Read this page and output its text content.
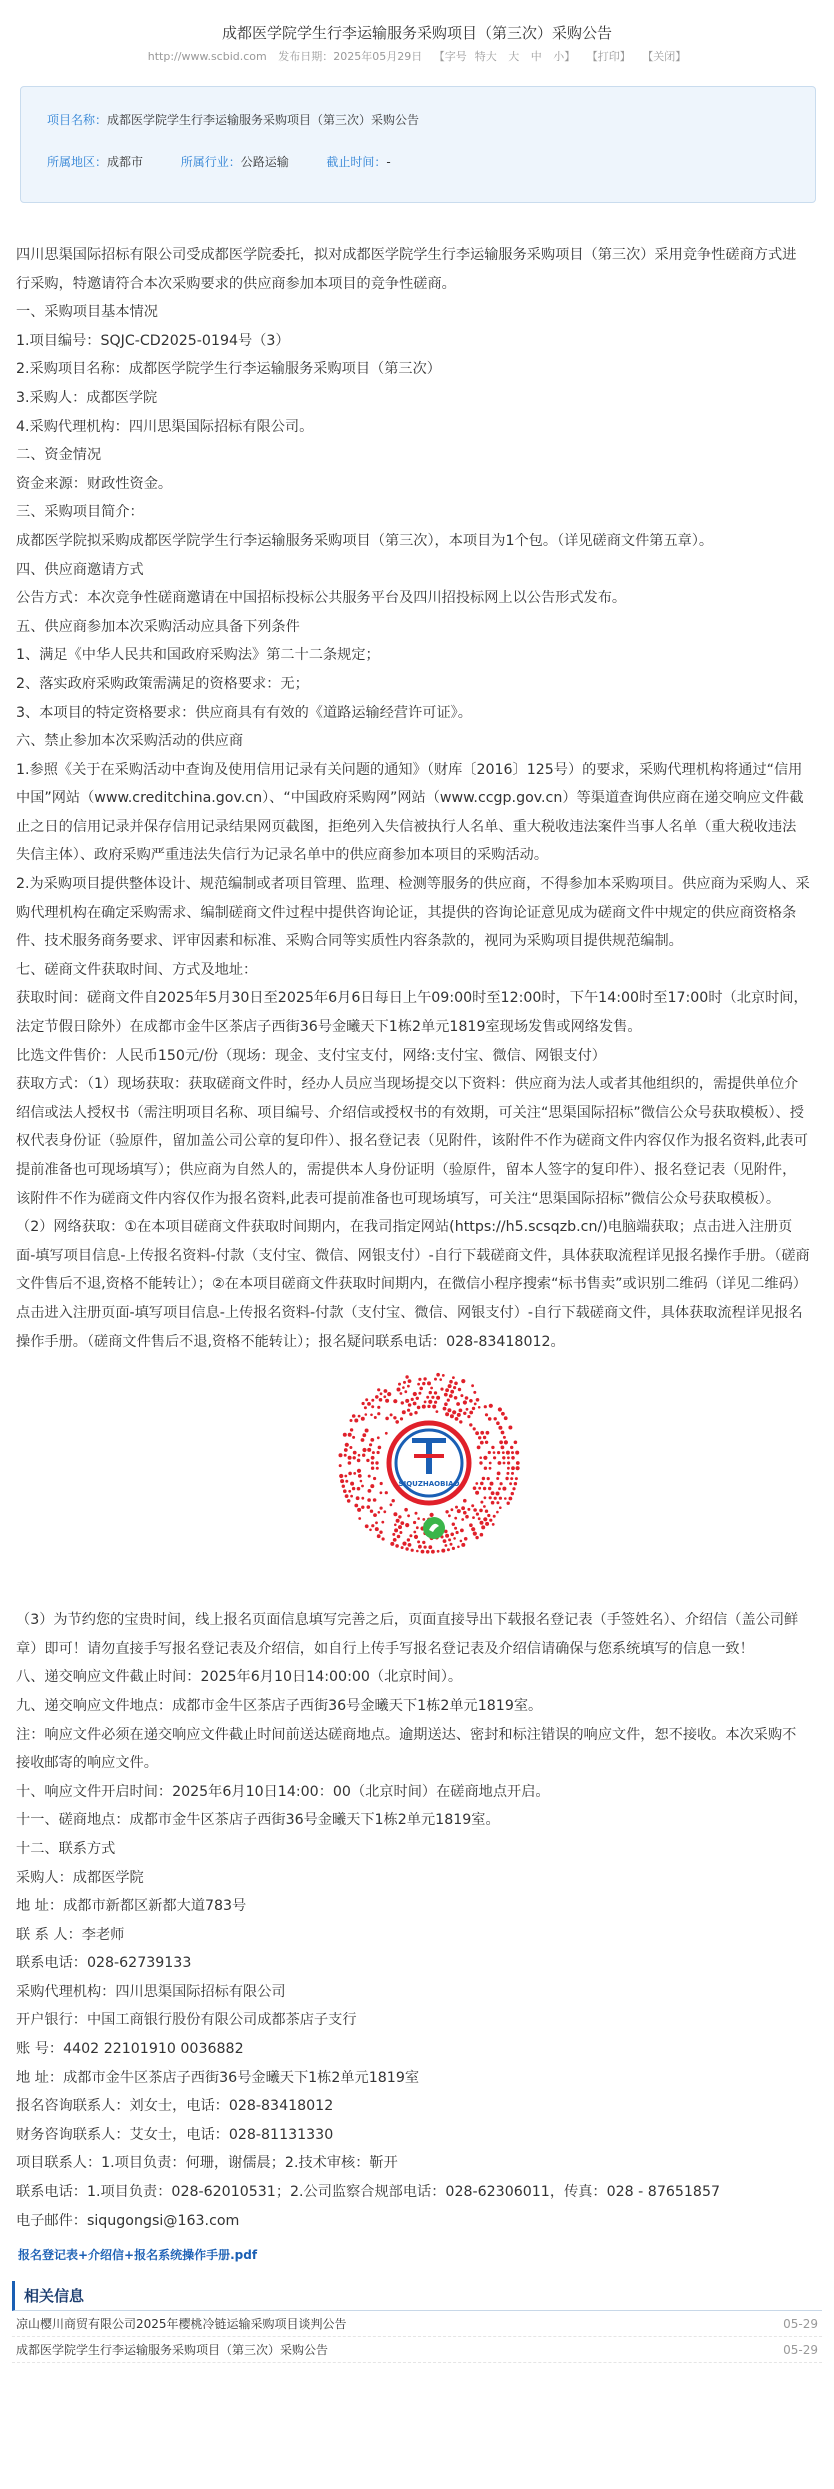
成都医学院学生行李运输服务采购项目（第三次）采购公告
http://www.scbid.com 发布日期：2025年05月29日 【字号 特大 大 中 小】 【打印】 【关闭】
项目名称：成都医学院学生行李运输服务采购项目（第三次）采购公告
所属地区：成都市	所属行业：公路运输	截止时间：-

四川思渠国际招标有限公司受成都医学院委托，拟对成都医学院学生行李运输服务采购项目（第三次）采用竞争性磋商方式进行采购，特邀请符合本次采购要求的供应商参加本项目的竞争性磋商。

一、采购项目基本情况

1.项目编号：SQJC-CD2025-0194号（3）

2.采购项目名称：成都医学院学生行李运输服务采购项目（第三次）

3.采购人：成都医学院

4.采购代理机构：四川思渠国际招标有限公司。

二、资金情况

资金来源：财政性资金。

三、采购项目简介：

成都医学院拟采购成都医学院学生行李运输服务采购项目（第三次），本项目为1个包。（详见磋商文件第五章）。

四、供应商邀请方式

公告方式：本次竞争性磋商邀请在中国招标投标公共服务平台及四川招投标网上以公告形式发布。

五、供应商参加本次采购活动应具备下列条件

1、满足《中华人民共和国政府采购法》第二十二条规定；

2、落实政府采购政策需满足的资格要求：无；

3、本项目的特定资格要求：供应商具有有效的《道路运输经营许可证》。

六、禁止参加本次采购活动的供应商

1.参照《关于在采购活动中查询及使用信用记录有关问题的通知》（财库〔2016〕125号）的要求，采购代理机构将通过“信用中国”网站（www.creditchina.gov.cn）、“中国政府采购网”网站（www.ccgp.gov.cn）等渠道查询供应商在递交响应文件截止之日的信用记录并保存信用记录结果网页截图，拒绝列入失信被执行人名单、重大税收违法案件当事人名单（重大税收违法失信主体）、政府采购严重违法失信行为记录名单中的供应商参加本项目的采购活动。

2.为采购项目提供整体设计、规范编制或者项目管理、监理、检测等服务的供应商，不得参加本采购项目。供应商为采购人、采购代理机构在确定采购需求、编制磋商文件过程中提供咨询论证，其提供的咨询论证意见成为磋商文件中规定的供应商资格条件、技术服务商务要求、评审因素和标准、采购合同等实质性内容条款的，视同为采购项目提供规范编制。

七、磋商文件获取时间、方式及地址：

获取时间：磋商文件自2025年5月30日至2025年6月6日每日上午09:00时至12:00时，下午14:00时至17:00时（北京时间，法定节假日除外）在成都市金牛区茶店子西街36号金曦天下1栋2单元1819室现场发售或网络发售。

比选文件售价：人民币150元/份（现场：现金、支付宝支付，网络:支付宝、微信、网银支付）

获取方式：（1）现场获取：获取磋商文件时，经办人员应当现场提交以下资料：供应商为法人或者其他组织的，需提供单位介绍信或法人授权书（需注明项目名称、项目编号、介绍信或授权书的有效期，可关注“思渠国际招标”微信公众号获取模板）、授权代表身份证（验原件，留加盖公司公章的复印件）、报名登记表（见附件，该附件不作为磋商文件内容仅作为报名资料,此表可提前准备也可现场填写）；供应商为自然人的，需提供本人身份证明（验原件，留本人签字的复印件）、报名登记表（见附件，该附件不作为磋商文件内容仅作为报名资料,此表可提前准备也可现场填写，可关注“思渠国际招标”微信公众号获取模板）。

（2）网络获取：①在本项目磋商文件获取时间期内，在我司指定网站(https://h5.scsqzb.cn/)电脑端获取；点击进入注册页面-填写项目信息-上传报名资料-付款（支付宝、微信、网银支付）-自行下载磋商文件，具体获取流程详见报名操作手册。（磋商文件售后不退,资格不能转让）；②在本项目磋商文件获取时间期内，在微信小程序搜索“标书售卖”或识别二维码（详见二维码）点击进入注册页面-填写项目信息-上传报名资料-付款（支付宝、微信、网银支付）-自行下载磋商文件，具体获取流程详见报名操作手册。（磋商文件售后不退,资格不能转让）；报名疑问联系电话：028-83418012。

SIQUZHAOBIAO

（3）为节约您的宝贵时间，线上报名页面信息填写完善之后，页面直接导出下载报名登记表（手签姓名）、介绍信（盖公司鲜章）即可！请勿直接手写报名登记表及介绍信，如自行上传手写报名登记表及介绍信请确保与您系统填写的信息一致！

八、递交响应文件截止时间：2025年6月10日14:00:00（北京时间）。

九、递交响应文件地点：成都市金牛区茶店子西街36号金曦天下1栋2单元1819室。

注：响应文件必须在递交响应文件截止时间前送达磋商地点。逾期送达、密封和标注错误的响应文件，恕不接收。本次采购不接收邮寄的响应文件。

十、响应文件开启时间：2025年6月10日14:00：00（北京时间）在磋商地点开启。

十一、磋商地点：成都市金牛区茶店子西街36号金曦天下1栋2单元1819室。

十二、联系方式

采购人：成都医学院

地 址：成都市新都区新都大道783号

联 系 人：李老师

联系电话：028-62739133

采购代理机构：四川思渠国际招标有限公司

开户银行：中国工商银行股份有限公司成都茶店子支行

账 号：4402 22101910 0036882

地 址：成都市金牛区茶店子西街36号金曦天下1栋2单元1819室

报名咨询联系人：刘女士，电话：028-83418012

财务咨询联系人：艾女士，电话：028-81131330

项目联系人：1.项目负责：何珊，谢儒晨；2.技术审核：靳开

联系电话：1.项目负责：028-62010531；2.公司监察合规部电话：028-62306011，传真：028 - 87651857

电子邮件：siqugongsi@163.com

报名登记表+介绍信+报名系统操作手册.pdf
相关信息
凉山樱川商贸有限公司2025年樱桃冷链运输采购项目谈判公告	05-29
成都医学院学生行李运输服务采购项目（第三次）采购公告	05-29
